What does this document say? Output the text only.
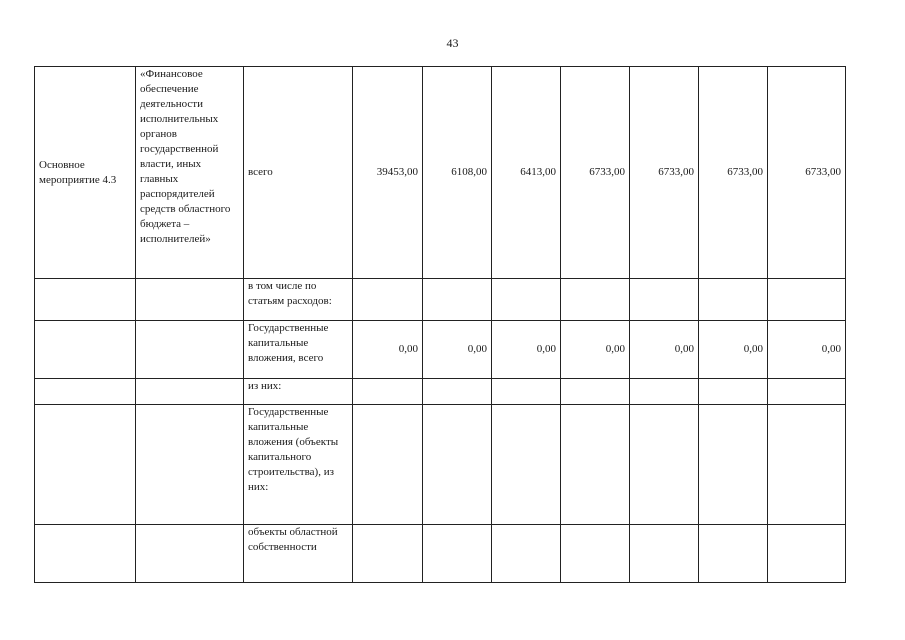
43
Основное мероприятие 4.3	«Финансовое обеспечение деятельности исполнительных органов государственной власти, иных главных распорядителей средств областного бюджета – исполнителей»	всего	39453,00	6108,00	6413,00	6733,00	6733,00	6733,00	6733,00
		в том числе по статьям расходов:							
		Государственные капитальные вложения, всего	0,00	0,00	0,00	0,00	0,00	0,00	0,00
		из них:							
		Государственные капитальные вложения (объекты капитального строительства), из них:							
		объекты областной собственности							
